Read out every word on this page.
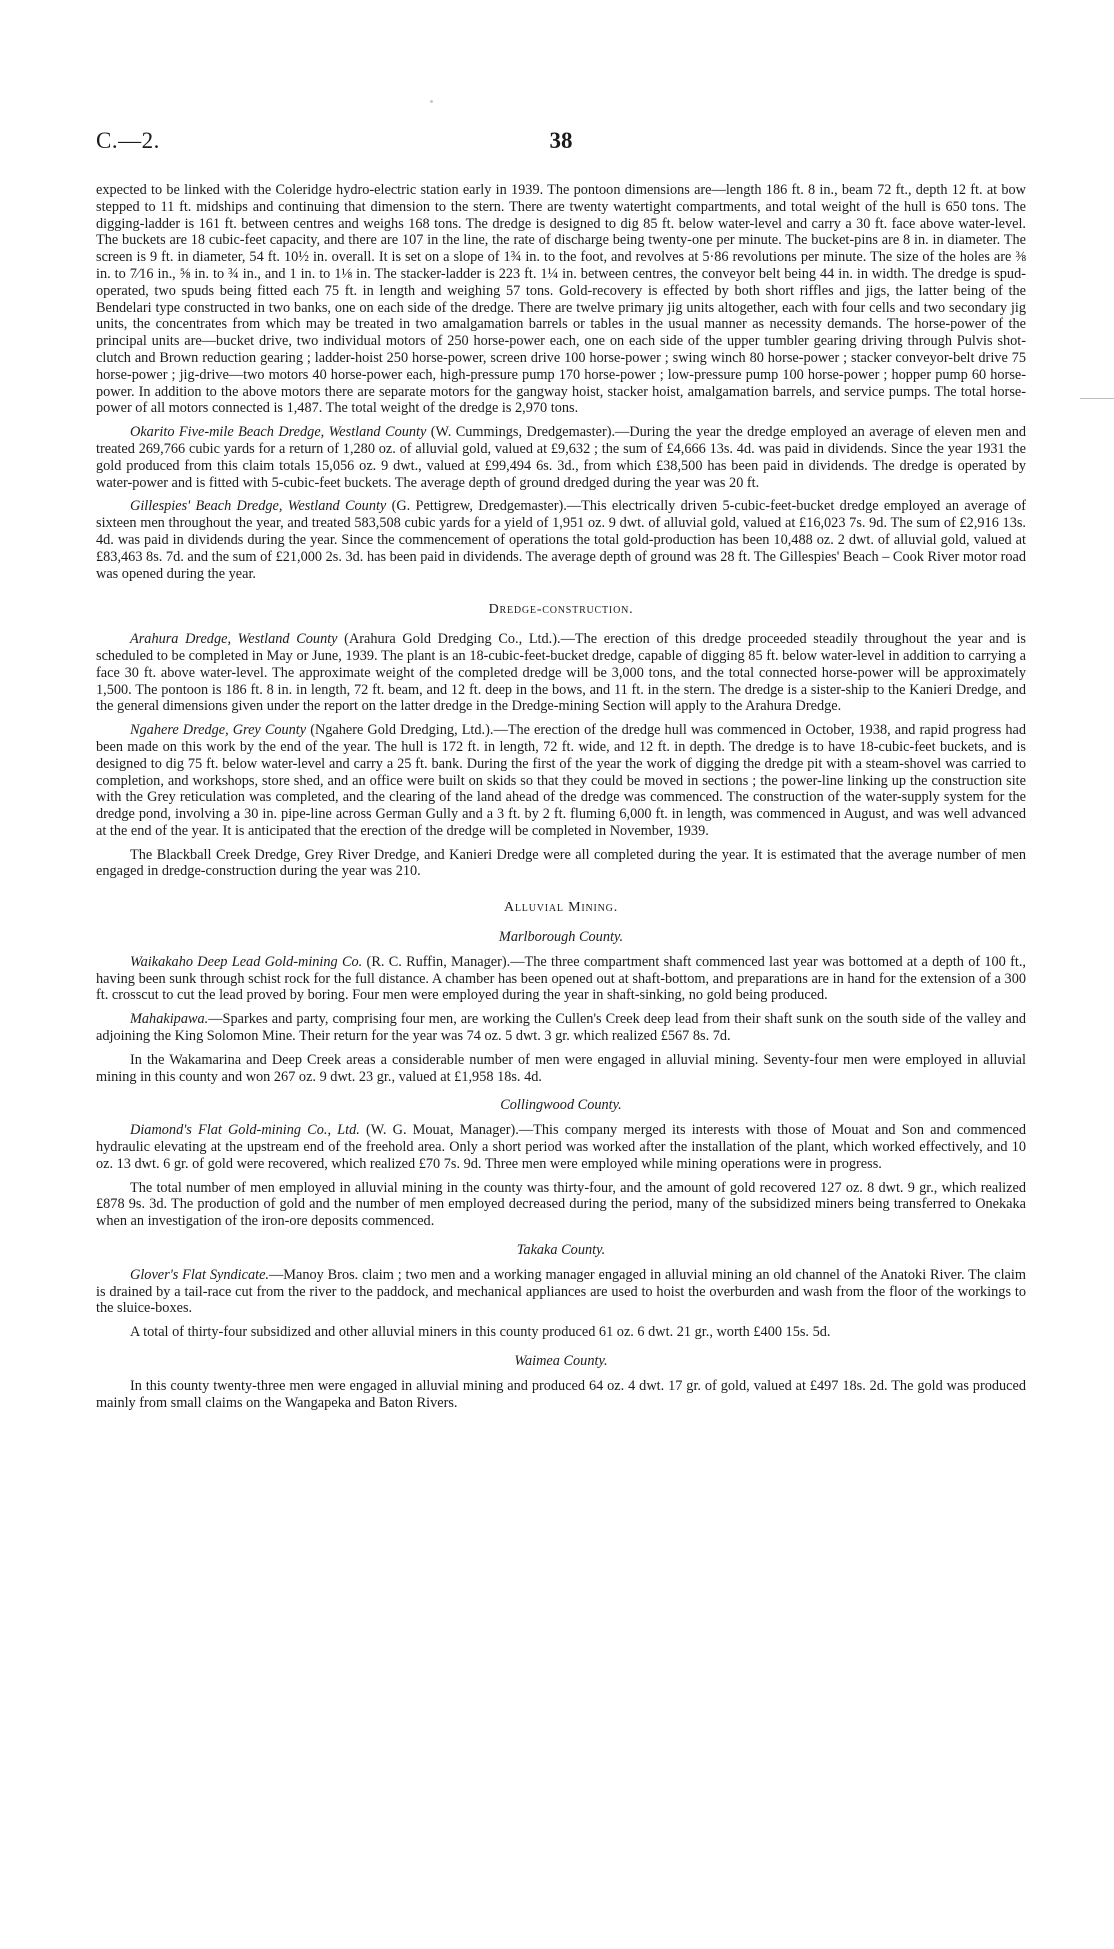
C.—2.	38

expected to be linked with the Coleridge hydro-electric station early in 1939. The pontoon dimensions are—length 186 ft. 8 in., beam 72 ft., depth 12 ft. at bow stepped to 11 ft. midships and continuing that dimension to the stern. There are twenty watertight compartments, and total weight of the hull is 650 tons. The digging-ladder is 161 ft. between centres and weighs 168 tons. The dredge is designed to dig 85 ft. below water-level and carry a 30 ft. face above water-level. The buckets are 18 cubic-feet capacity, and there are 107 in the line, the rate of discharge being twenty-one per minute. The bucket-pins are 8 in. in diameter. The screen is 9 ft. in diameter, 54 ft. 10½ in. overall. It is set on a slope of 1¾ in. to the foot, and revolves at 5·86 revolutions per minute. The size of the holes are ⅜ in. to 7⁄16 in., ⅝ in. to ¾ in., and 1 in. to 1⅛ in. The stacker-ladder is 223 ft. 1¼ in. between centres, the conveyor belt being 44 in. in width. The dredge is spud-operated, two spuds being fitted each 75 ft. in length and weighing 57 tons. Gold-recovery is effected by both short riffles and jigs, the latter being of the Bendelari type constructed in two banks, one on each side of the dredge. There are twelve primary jig units altogether, each with four cells and two secondary jig units, the concentrates from which may be treated in two amalgamation barrels or tables in the usual manner as necessity demands. The horse-power of the principal units are—bucket drive, two individual motors of 250 horse-power each, one on each side of the upper tumbler gearing driving through Pulvis shot-clutch and Brown reduction gearing ; ladder-hoist 250 horse-power, screen drive 100 horse-power ; swing winch 80 horse-power ; stacker conveyor-belt drive 75 horse-power ; jig-drive—two motors 40 horse-power each, high-pressure pump 170 horse-power ; low-pressure pump 100 horse-power ; hopper pump 60 horse-power. In addition to the above motors there are separate motors for the gangway hoist, stacker hoist, amalgamation barrels, and service pumps. The total horse-power of all motors connected is 1,487. The total weight of the dredge is 2,970 tons.

Okarito Five-mile Beach Dredge, Westland County (W. Cummings, Dredgemaster).—During the year the dredge employed an average of eleven men and treated 269,766 cubic yards for a return of 1,280 oz. of alluvial gold, valued at £9,632 ; the sum of £4,666 13s. 4d. was paid in dividends. Since the year 1931 the gold produced from this claim totals 15,056 oz. 9 dwt., valued at £99,494 6s. 3d., from which £38,500 has been paid in dividends. The dredge is operated by water-power and is fitted with 5-cubic-feet buckets. The average depth of ground dredged during the year was 20 ft.

Gillespies' Beach Dredge, Westland County (G. Pettigrew, Dredgemaster).—This electrically driven 5-cubic-feet-bucket dredge employed an average of sixteen men throughout the year, and treated 583,508 cubic yards for a yield of 1,951 oz. 9 dwt. of alluvial gold, valued at £16,023 7s. 9d. The sum of £2,916 13s. 4d. was paid in dividends during the year. Since the commencement of operations the total gold-production has been 10,488 oz. 2 dwt. of alluvial gold, valued at £83,463 8s. 7d. and the sum of £21,000 2s. 3d. has been paid in dividends. The average depth of ground was 28 ft. The Gillespies' Beach – Cook River motor road was opened during the year.

Dredge-construction.

Arahura Dredge, Westland County (Arahura Gold Dredging Co., Ltd.).—The erection of this dredge proceeded steadily throughout the year and is scheduled to be completed in May or June, 1939. The plant is an 18-cubic-feet-bucket dredge, capable of digging 85 ft. below water-level in addition to carrying a face 30 ft. above water-level. The approximate weight of the completed dredge will be 3,000 tons, and the total connected horse-power will be approximately 1,500. The pontoon is 186 ft. 8 in. in length, 72 ft. beam, and 12 ft. deep in the bows, and 11 ft. in the stern. The dredge is a sister-ship to the Kanieri Dredge, and the general dimensions given under the report on the latter dredge in the Dredge-mining Section will apply to the Arahura Dredge.

Ngahere Dredge, Grey County (Ngahere Gold Dredging, Ltd.).—The erection of the dredge hull was commenced in October, 1938, and rapid progress had been made on this work by the end of the year. The hull is 172 ft. in length, 72 ft. wide, and 12 ft. in depth. The dredge is to have 18-cubic-feet buckets, and is designed to dig 75 ft. below water-level and carry a 25 ft. bank. During the first of the year the work of digging the dredge pit with a steam-shovel was carried to completion, and workshops, store shed, and an office were built on skids so that they could be moved in sections ; the power-line linking up the construction site with the Grey reticulation was completed, and the clearing of the land ahead of the dredge was commenced. The construction of the water-supply system for the dredge pond, involving a 30 in. pipe-line across German Gully and a 3 ft. by 2 ft. fluming 6,000 ft. in length, was commenced in August, and was well advanced at the end of the year. It is anticipated that the erection of the dredge will be completed in November, 1939.

The Blackball Creek Dredge, Grey River Dredge, and Kanieri Dredge were all completed during the year. It is estimated that the average number of men engaged in dredge-construction during the year was 210.

Alluvial Mining.
Marlborough County.

Waikakaho Deep Lead Gold-mining Co. (R. C. Ruffin, Manager).—The three compartment shaft commenced last year was bottomed at a depth of 100 ft., having been sunk through schist rock for the full distance. A chamber has been opened out at shaft-bottom, and preparations are in hand for the extension of a 300 ft. crosscut to cut the lead proved by boring. Four men were employed during the year in shaft-sinking, no gold being produced.

Mahakipawa.—Sparkes and party, comprising four men, are working the Cullen's Creek deep lead from their shaft sunk on the south side of the valley and adjoining the King Solomon Mine. Their return for the year was 74 oz. 5 dwt. 3 gr. which realized £567 8s. 7d.

In the Wakamarina and Deep Creek areas a considerable number of men were engaged in alluvial mining. Seventy-four men were employed in alluvial mining in this county and won 267 oz. 9 dwt. 23 gr., valued at £1,958 18s. 4d.

Collingwood County.

Diamond's Flat Gold-mining Co., Ltd. (W. G. Mouat, Manager).—This company merged its interests with those of Mouat and Son and commenced hydraulic elevating at the upstream end of the freehold area. Only a short period was worked after the installation of the plant, which worked effectively, and 10 oz. 13 dwt. 6 gr. of gold were recovered, which realized £70 7s. 9d. Three men were employed while mining operations were in progress.

The total number of men employed in alluvial mining in the county was thirty-four, and the amount of gold recovered 127 oz. 8 dwt. 9 gr., which realized £878 9s. 3d. The production of gold and the number of men employed decreased during the period, many of the subsidized miners being transferred to Onekaka when an investigation of the iron-ore deposits commenced.

Takaka County.

Glover's Flat Syndicate.—Manoy Bros. claim ; two men and a working manager engaged in alluvial mining an old channel of the Anatoki River. The claim is drained by a tail-race cut from the river to the paddock, and mechanical appliances are used to hoist the overburden and wash from the floor of the workings to the sluice-boxes.

A total of thirty-four subsidized and other alluvial miners in this county produced 61 oz. 6 dwt. 21 gr., worth £400 15s. 5d.

Waimea County.

In this county twenty-three men were engaged in alluvial mining and produced 64 oz. 4 dwt. 17 gr. of gold, valued at £497 18s. 2d. The gold was produced mainly from small claims on the Wangapeka and Baton Rivers.
